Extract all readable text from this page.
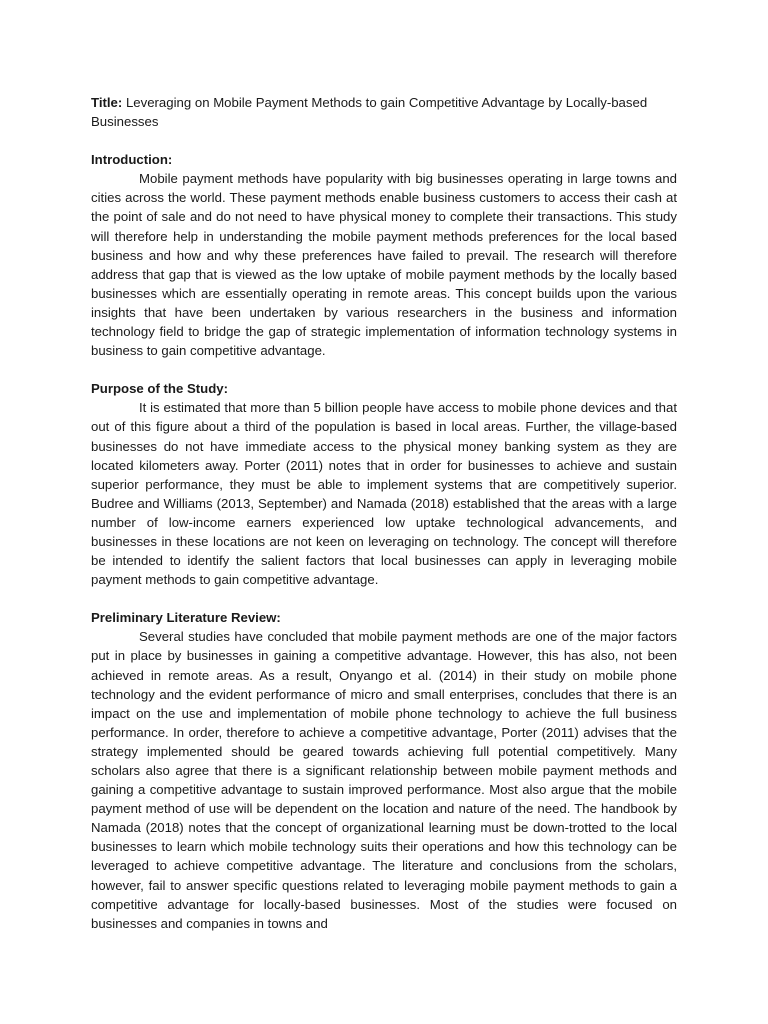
Title: Leveraging on Mobile Payment Methods to gain Competitive Advantage by Locally-based Businesses

Introduction:

Mobile payment methods have popularity with big businesses operating in large towns and cities across the world. These payment methods enable business customers to access their cash at the point of sale and do not need to have physical money to complete their transactions. This study will therefore help in understanding the mobile payment methods preferences for the local based business and how and why these preferences have failed to prevail. The research will therefore address that gap that is viewed as the low uptake of mobile payment methods by the locally based businesses which are essentially operating in remote areas. This concept builds upon the various insights that have been undertaken by various researchers in the business and information technology field to bridge the gap of strategic implementation of information technology systems in business to gain competitive advantage.

Purpose of the Study:

It is estimated that more than 5 billion people have access to mobile phone devices and that out of this figure about a third of the population is based in local areas. Further, the village-based businesses do not have immediate access to the physical money banking system as they are located kilometers away. Porter (2011) notes that in order for businesses to achieve and sustain superior performance, they must be able to implement systems that are competitively superior. Budree and Williams (2013, September) and Namada (2018) established that the areas with a large number of low-income earners experienced low uptake technological advancements, and businesses in these locations are not keen on leveraging on technology. The concept will therefore be intended to identify the salient factors that local businesses can apply in leveraging mobile payment methods to gain competitive advantage.

Preliminary Literature Review:

Several studies have concluded that mobile payment methods are one of the major factors put in place by businesses in gaining a competitive advantage. However, this has also, not been achieved in remote areas. As a result, Onyango et al. (2014) in their study on mobile phone technology and the evident performance of micro and small enterprises, concludes that there is an impact on the use and implementation of mobile phone technology to achieve the full business performance. In order, therefore to achieve a competitive advantage, Porter (2011) advises that the strategy implemented should be geared towards achieving full potential competitively. Many scholars also agree that there is a significant relationship between mobile payment methods and gaining a competitive advantage to sustain improved performance. Most also argue that the mobile payment method of use will be dependent on the location and nature of the need. The handbook by Namada (2018) notes that the concept of organizational learning must be down-trotted to the local businesses to learn which mobile technology suits their operations and how this technology can be leveraged to achieve competitive advantage. The literature and conclusions from the scholars, however, fail to answer specific questions related to leveraging mobile payment methods to gain a competitive advantage for locally-based businesses. Most of the studies were focused on businesses and companies in towns and
